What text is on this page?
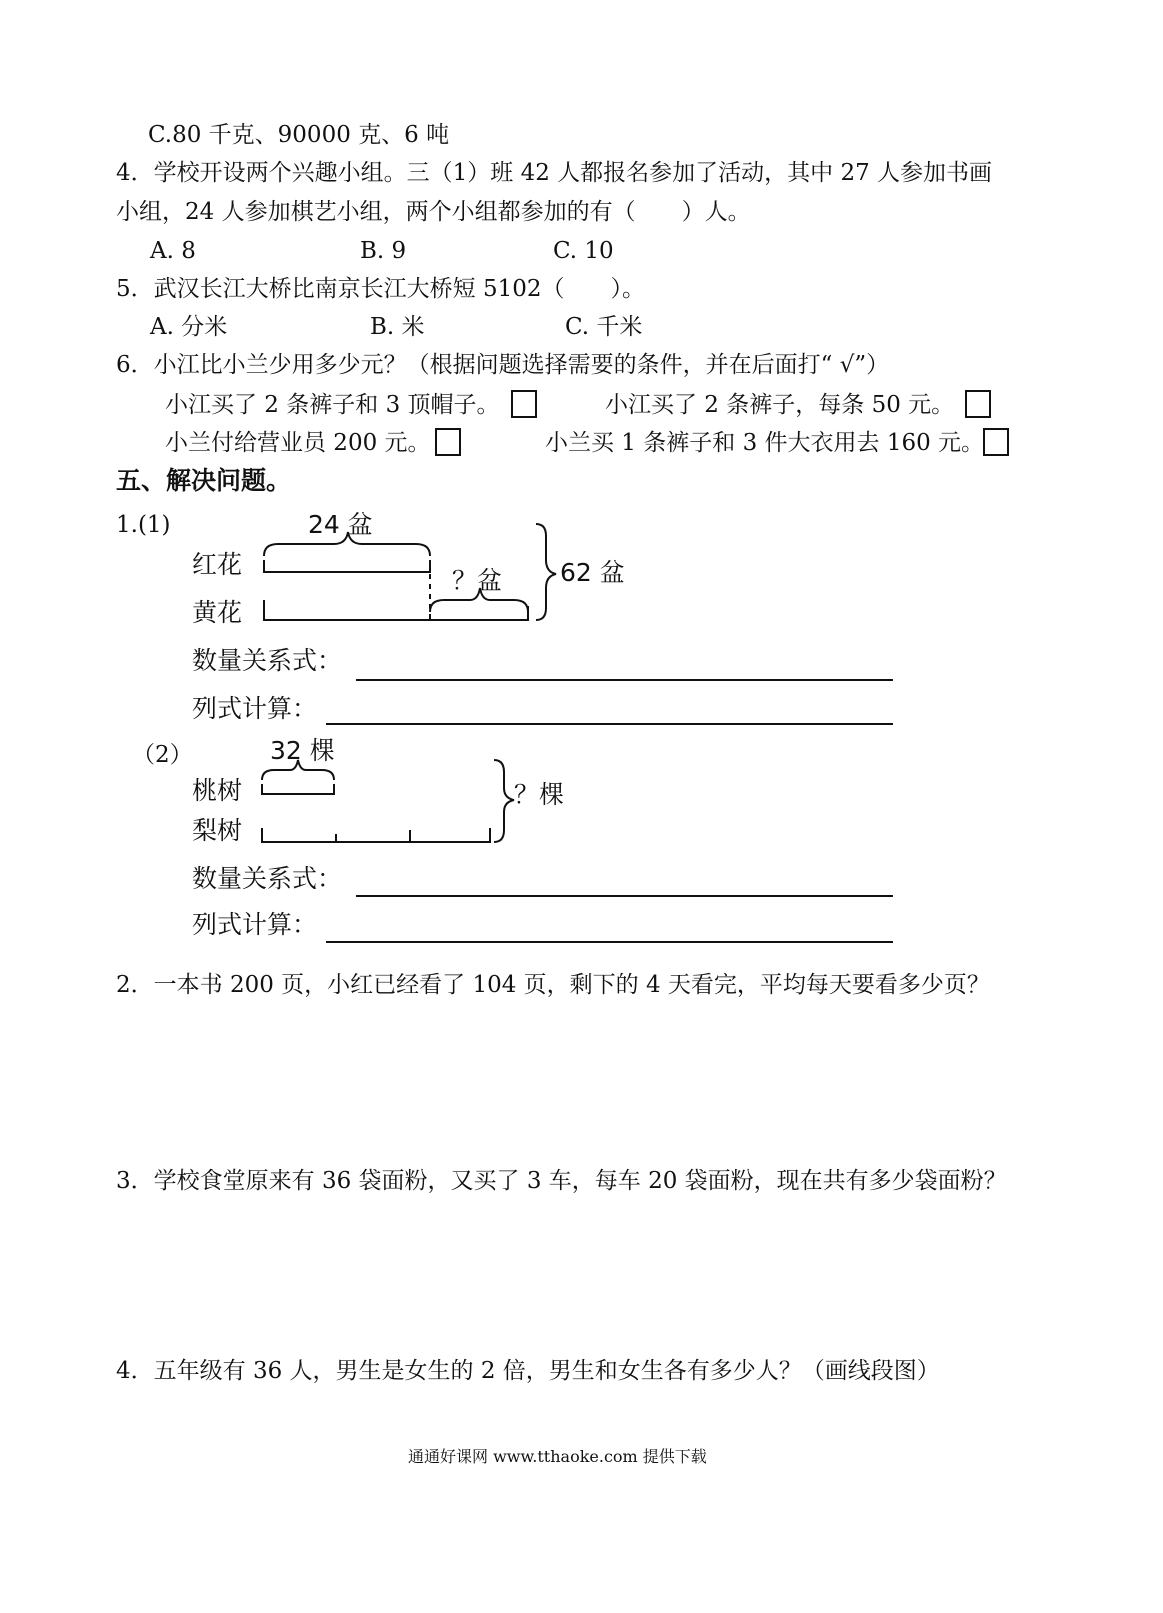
C.80 千克、90000 克、6 吨
4．学校开设两个兴趣小组。三（1）班 42 人都报名参加了活动，其中 27 人参加书画
小组，24 人参加棋艺小组，两个小组都参加的有（　　）人。
A. 8	B. 9	C. 10
5．武汉长江大桥比南京长江大桥短 5102（　　）。
A. 分米	B. 米	C. 千米
6．小江比小兰少用多少元？（根据问题选择需要的条件，并在后面打“ √”）
小江买了 2 条裤子和 3 顶帽子。	小江买了 2 条裤子，每条 50 元。
小兰付给营业员 200 元。	小兰买 1 条裤子和 3 件大衣用去 160 元。
五、解决问题。
1.(1)	24 盆
红花
黄花
？盆 62 盆
数量关系式：
列式计算：
（2）	32 棵
桃树
梨树
？棵
数量关系式：
列式计算：
2．一本书 200 页，小红已经看了 104 页，剩下的 4 天看完，平均每天要看多少页？
3．学校食堂原来有 36 袋面粉，又买了 3 车，每车 20 袋面粉，现在共有多少袋面粉？
4．五年级有 36 人，男生是女生的 2 倍，男生和女生各有多少人？（画线段图）
通通好课网 www.tthaoke.com 提供下载
